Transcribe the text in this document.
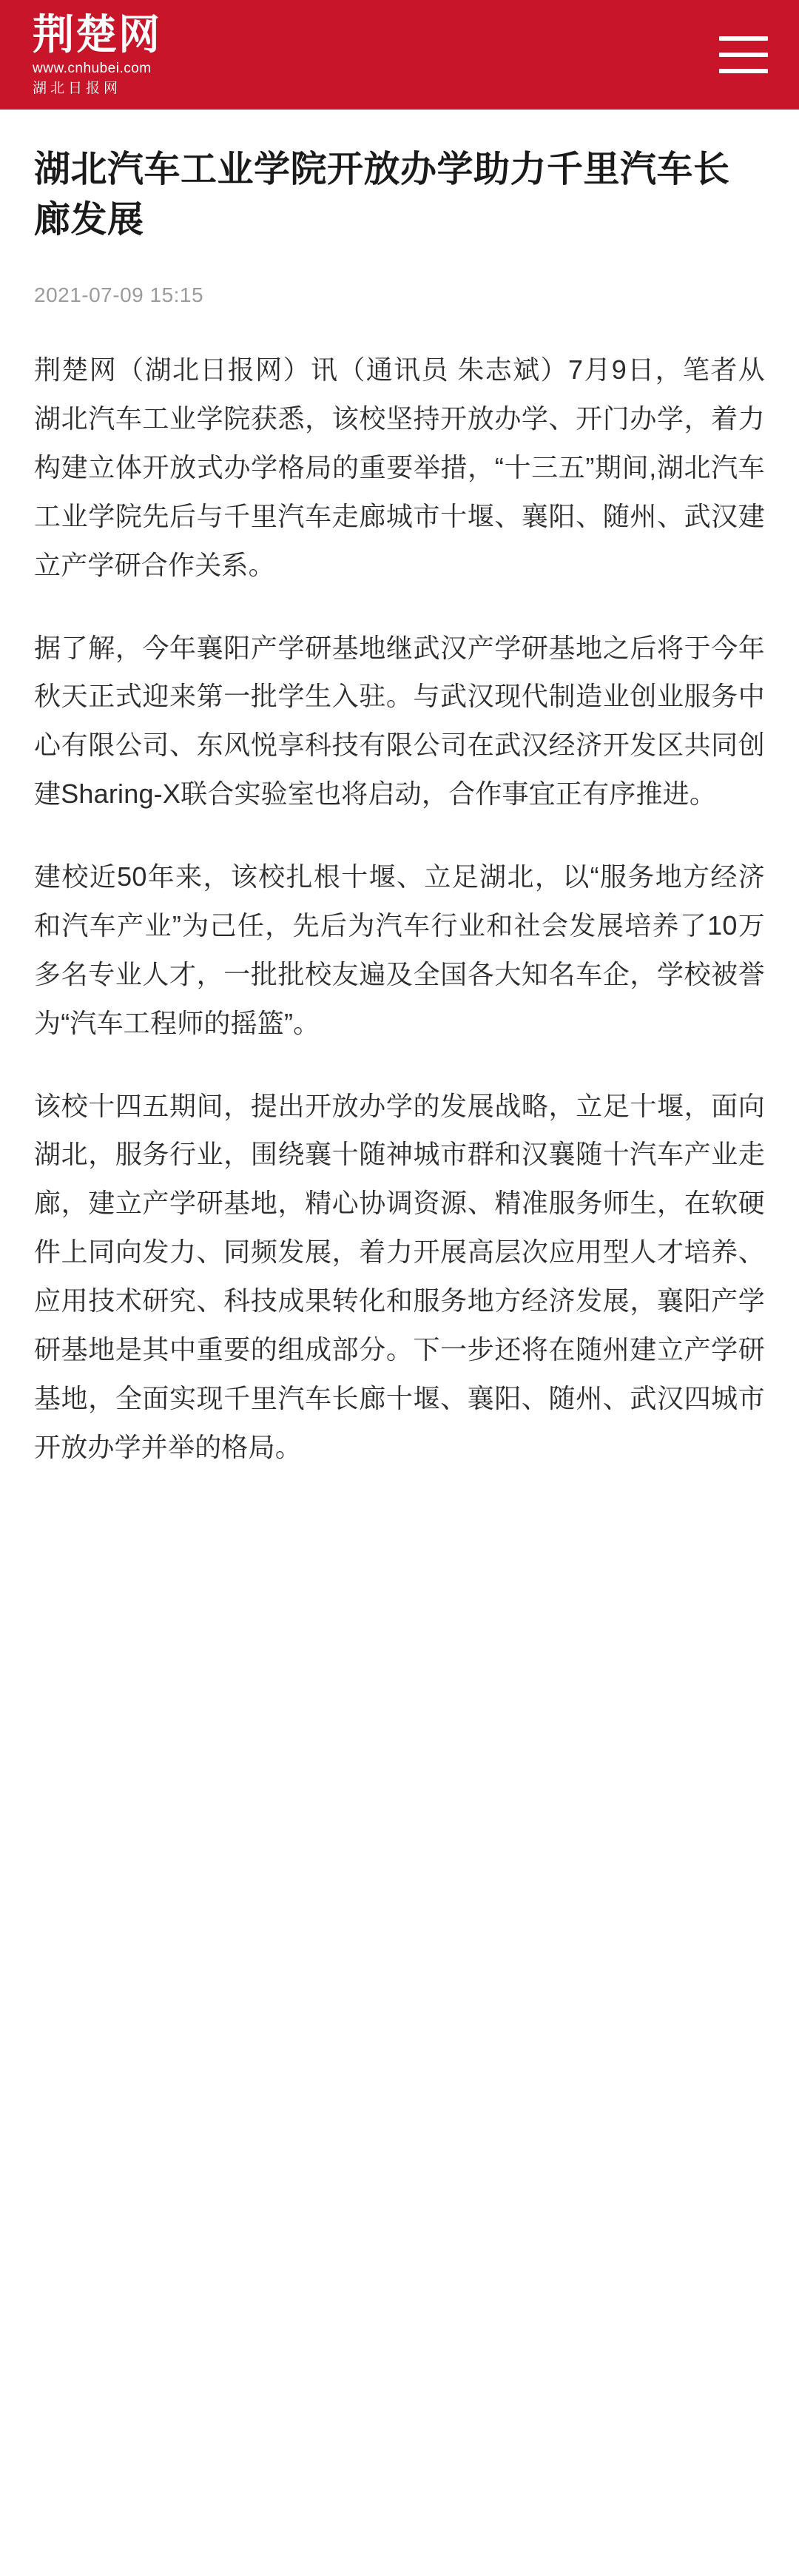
荆楚网
www.cnhubei.com
湖北日报网
湖北汽车工业学院开放办学助力千里汽车长廊发展
2021-07-09 15:15

荆楚网（湖北日报网）讯（通讯员 朱志斌）7月9日，笔者从湖北汽车工业学院获悉，该校坚持开放办学、开门办学，着力构建立体开放式办学格局的重要举措，“十三五”期间,湖北汽车工业学院先后与千里汽车走廊城市十堰、襄阳、随州、武汉建立产学研合作关系。

据了解，今年襄阳产学研基地继武汉产学研基地之后将于今年秋天正式迎来第一批学生入驻。与武汉现代制造业创业服务中心有限公司、东风悦享科技有限公司在武汉经济开发区共同创建Sharing-X联合实验室也将启动，合作事宜正有序推进。

建校近50年来，该校扎根十堰、立足湖北，以“服务地方经济和汽车产业”为己任，先后为汽车行业和社会发展培养了10万多名专业人才，一批批校友遍及全国各大知名车企，学校被誉为“汽车工程师的摇篮”。

该校十四五期间，提出开放办学的发展战略，立足十堰，面向湖北，服务行业，围绕襄十随神城市群和汉襄随十汽车产业走廊，建立产学研基地，精心协调资源、精准服务师生，在软硬件上同向发力、同频发展，着力开展高层次应用型人才培养、应用技术研究、科技成果转化和服务地方经济发展，襄阳产学研基地是其中重要的组成部分。下一步还将在随州建立产学研基地，全面实现千里汽车长廊十堰、襄阳、随州、武汉四城市开放办学并举的格局。
